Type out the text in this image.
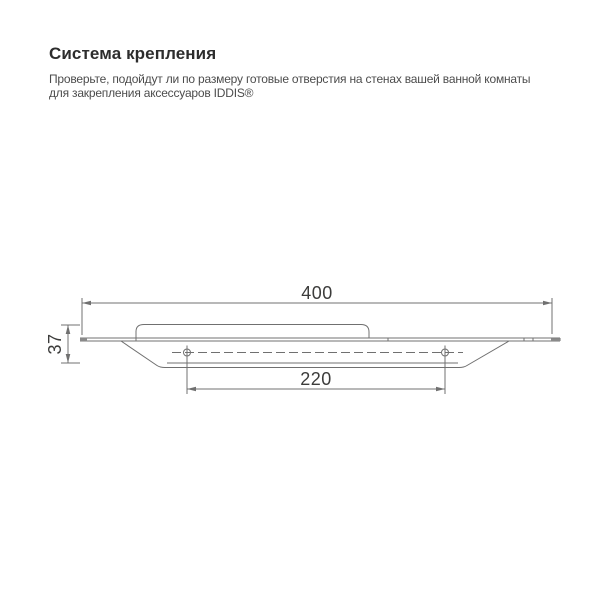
Система крепления
Проверьте, подойдут ли по размеру готовые отверстия на стенах вашей ванной комнаты
для закрепления аксессуаров IDDIS®
400
220
37
